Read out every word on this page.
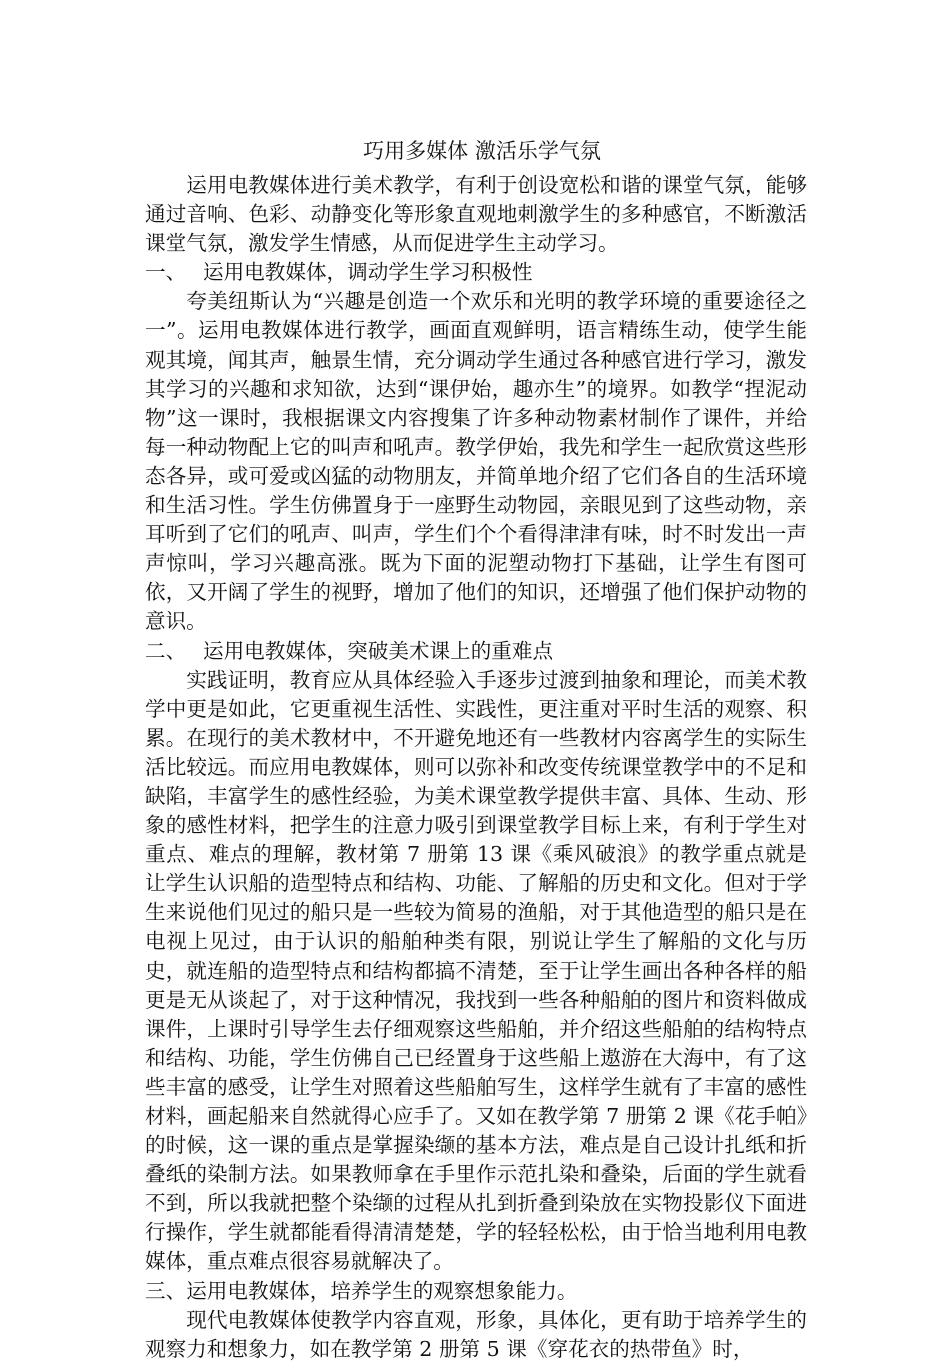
巧用多媒体 激活乐学气氛

运用电教媒体进行美术教学，有利于创设宽松和谐的课堂气氛，能够通过音响、色彩、动静变化等形象直观地刺激学生的多种感官，不断激活课堂气氛，激发学生情感，从而促进学生主动学习。

一、 运用电教媒体，调动学生学习积极性

夸美纽斯认为“兴趣是创造一个欢乐和光明的教学环境的重要途径之一”。运用电教媒体进行教学，画面直观鲜明，语言精练生动，使学生能观其境，闻其声，触景生情，充分调动学生通过各种感官进行学习，激发其学习的兴趣和求知欲，达到“课伊始，趣亦生”的境界。如教学“捏泥动物”这一课时，我根据课文内容搜集了许多种动物素材制作了课件，并给每一种动物配上它的叫声和吼声。教学伊始，我先和学生一起欣赏这些形态各异，或可爱或凶猛的动物朋友，并简单地介绍了它们各自的生活环境和生活习性。学生仿佛置身于一座野生动物园，亲眼见到了这些动物，亲耳听到了它们的吼声、叫声，学生们个个看得津津有味，时不时发出一声声惊叫，学习兴趣高涨。既为下面的泥塑动物打下基础，让学生有图可依，又开阔了学生的视野，增加了他们的知识，还增强了他们保护动物的意识。

二、 运用电教媒体，突破美术课上的重难点

实践证明，教育应从具体经验入手逐步过渡到抽象和理论，而美术教学中更是如此，它更重视生活性、实践性，更注重对平时生活的观察、积累。在现行的美术教材中，不开避免地还有一些教材内容离学生的实际生活比较远。而应用电教媒体，则可以弥补和改变传统课堂教学中的不足和缺陷，丰富学生的感性经验，为美术课堂教学提供丰富、具体、生动、形象的感性材料，把学生的注意力吸引到课堂教学目标上来，有利于学生对重点、难点的理解，教材第 7 册第 13 课《乘风破浪》的教学重点就是让学生认识船的造型特点和结构、功能、了解船的历史和文化。但对于学生来说他们见过的船只是一些较为简易的渔船，对于其他造型的船只是在电视上见过，由于认识的船舶种类有限，别说让学生了解船的文化与历史，就连船的造型特点和结构都搞不清楚，至于让学生画出各种各样的船更是无从谈起了，对于这种情况，我找到一些各种船舶的图片和资料做成课件，上课时引导学生去仔细观察这些船舶，并介绍这些船舶的结构特点和结构、功能，学生仿佛自己已经置身于这些船上遨游在大海中，有了这些丰富的感受，让学生对照着这些船舶写生，这样学生就有了丰富的感性材料，画起船来自然就得心应手了。又如在教学第 7 册第 2 课《花手帕》的时候，这一课的重点是掌握染缬的基本方法，难点是自己设计扎纸和折叠纸的染制方法。如果教师拿在手里作示范扎染和叠染，后面的学生就看不到，所以我就把整个染缬的过程从扎到折叠到染放在实物投影仪下面进行操作，学生就都能看得清清楚楚，学的轻轻松松，由于恰当地利用电教媒体，重点难点很容易就解决了。

三、 运用电教媒体，培养学生的观察想象能力。

现代电教媒体使教学内容直观，形象，具体化，更有助于培养学生的观察力和想象力，如在教学第 2 册第 5 课《穿花衣的热带鱼》时，
